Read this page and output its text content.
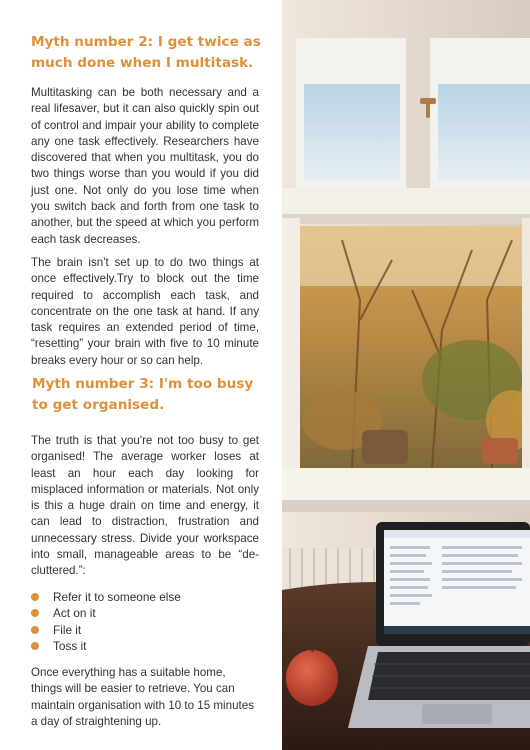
Myth number 2: I get twice as much done when I multitask.

Multitasking can be both necessary and a real lifesaver, but it can also quickly spin out of control and impair your ability to complete any one task effectively. Researchers have discovered that when you multitask, you do two things worse than you would if you did just one. Not only do you lose time when you switch back and forth from one task to another, but the speed at which you perform each task decreases.

The brain isn't set up to do two things at once effectively.Try to block out the time required to accomplish each task, and concentrate on the one task at hand. If any task requires an extended period of time, “resetting” your brain with five to 10 minute breaks every hour or so can help.

Myth number 3: I'm too busy to get organised.

The truth is that you're not too busy to get organised! The average worker loses at least an hour each day looking for misplaced information or materials. Not only is this a huge drain on time and energy, it can lead to distraction, frustration and unnecessary stress. Divide your workspace into small, manageable areas to be “de-cluttered.”:

Refer it to someone else
Act on it
File it
Toss it

Once everything has a suitable home, things will be easier to retrieve. You can maintain organisation with 10 to 15 minutes a day of straightening up.
